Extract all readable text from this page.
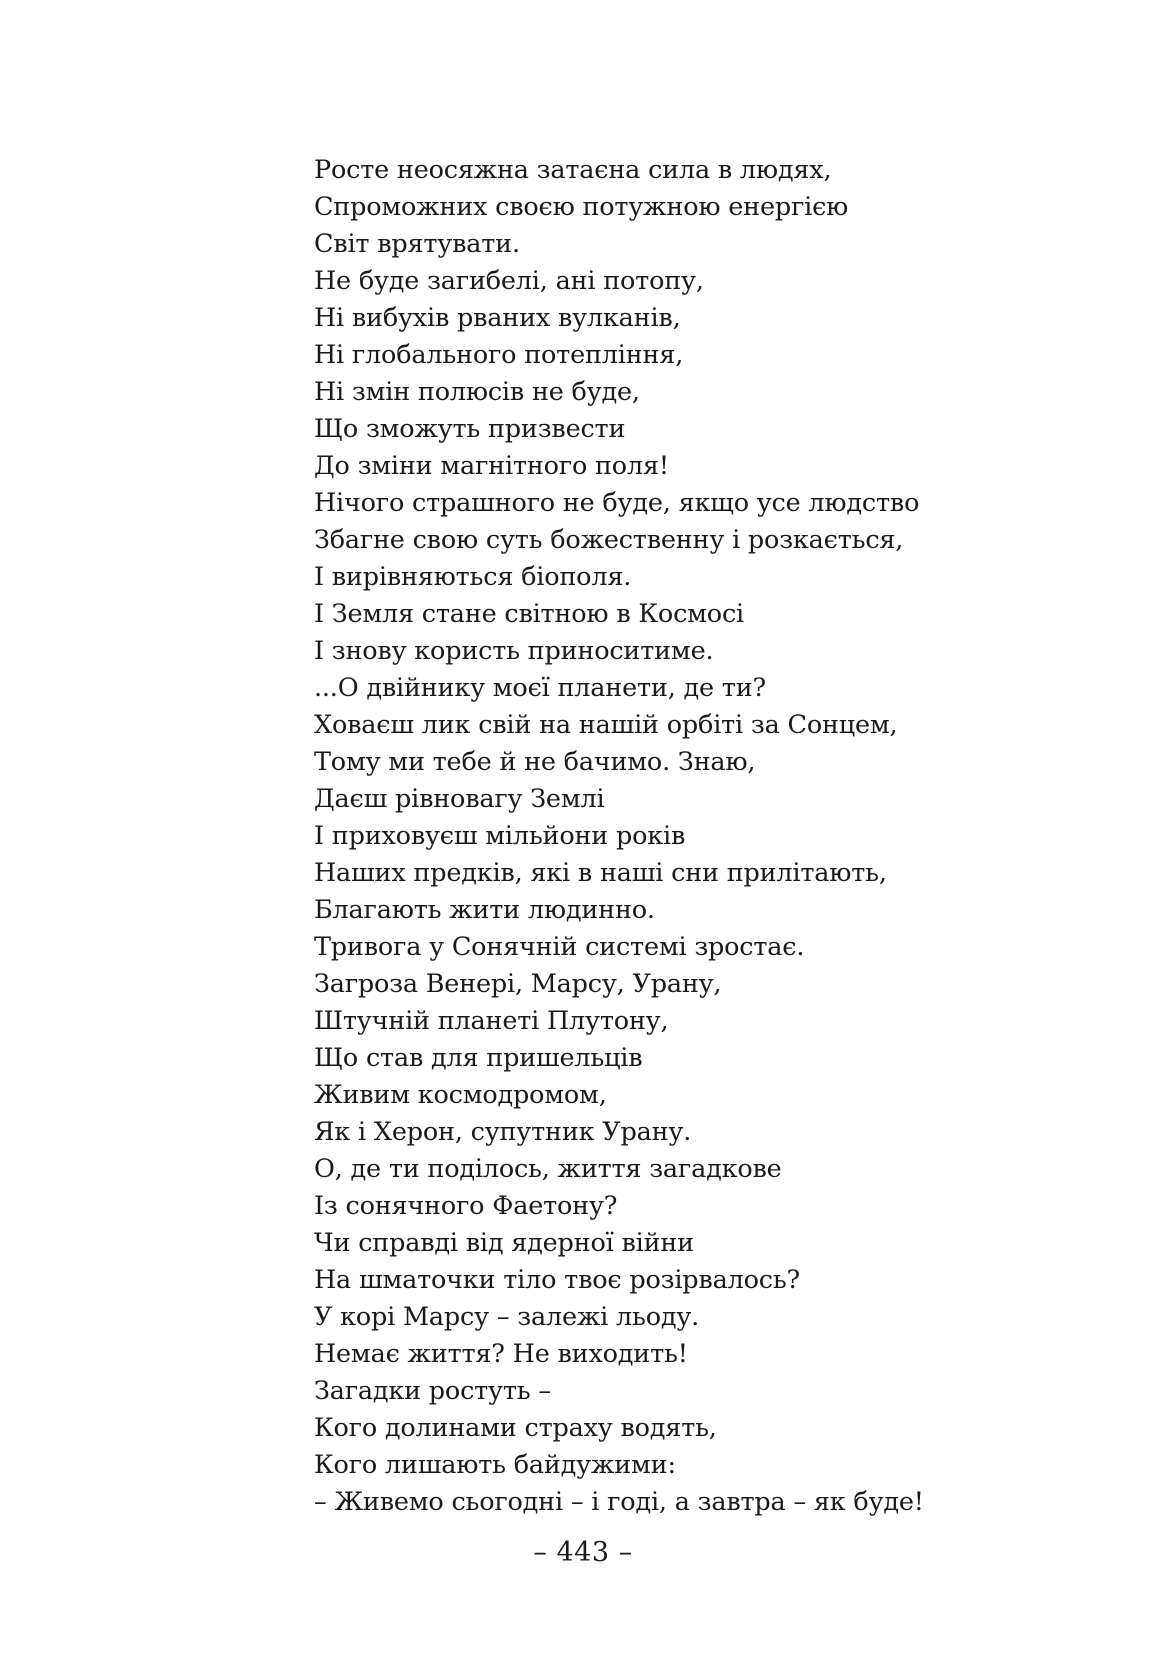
Росте неосяжна затаєна сила в людях,
Спроможних своєю потужною енергією
Світ врятувати.
Не буде загибелі, ані потопу,
Ні вибухів рваних вулканів,
Ні глобального потепління,
Ні змін полюсів не буде,
Що зможуть призвести
До зміни магнітного поля!
Нічого страшного не буде, якщо усе людство
Збагне свою суть божественну і розкається,
І вирівняються біополя.
І Земля стане світною в Космосі
І знову користь приноситиме.
...О двійнику моєї планети, де ти?
Ховаєш лик свій на нашій орбіті за Сонцем,
Тому ми тебе й не бачимо. Знаю,
Даєш рівновагу Землі
І приховуєш мільйони років
Наших предків, які в наші сни прилітають,
Благають жити людинно.
Тривога у Сонячній системі зростає.
Загроза Венері, Марсу, Урану,
Штучній планеті Плутону,
Що став для пришельців
Живим космодромом,
Як і Херон, супутник Урану.
О, де ти поділось, життя загадкове
Із сонячного Фаетону?
Чи справді від ядерної війни
На шматочки тіло твоє розірвалось?
У корі Марсу – залежі льоду.
Немає життя? Не виходить!
Загадки ростуть –
Кого долинами страху водять,
Кого лишають байдужими:
– Живемо сьогодні – і годі, а завтра – як буде!
– 443 –
